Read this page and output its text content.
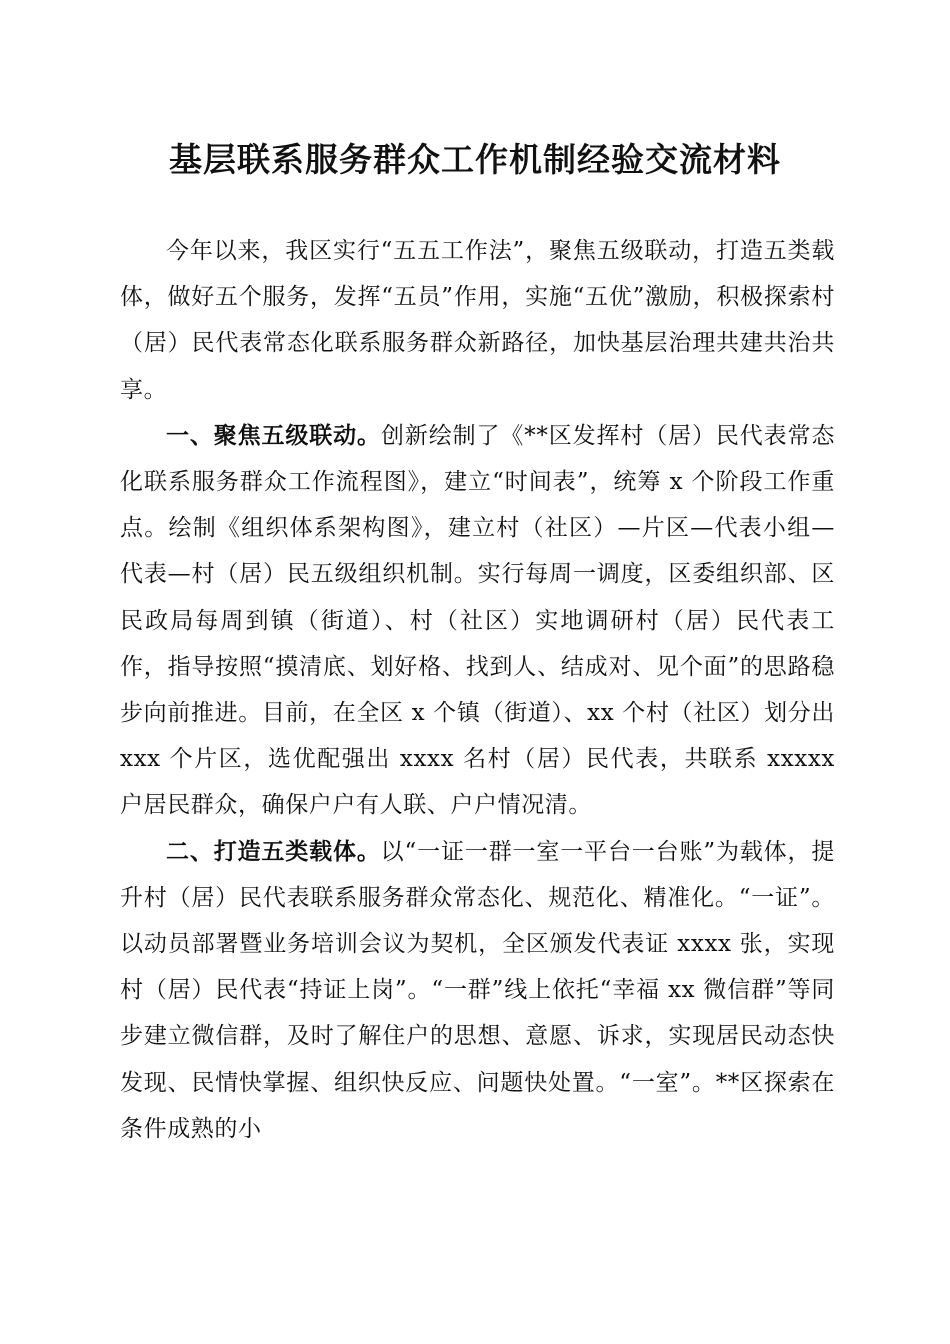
基层联系服务群众工作机制经验交流材料

今年以来，我区实行“五五工作法”，聚焦五级联动，打造五类载体，做好五个服务，发挥“五员”作用，实施“五优”激励，积极探索村（居）民代表常态化联系服务群众新路径，加快基层治理共建共治共享。

一、聚焦五级联动。创新绘制了《**区发挥村（居）民代表常态化联系服务群众工作流程图》，建立“时间表”，统筹 x 个阶段工作重点。绘制《组织体系架构图》，建立村（社区）—片区—代表小组—代表—村（居）民五级组织机制。实行每周一调度，区委组织部、区民政局每周到镇（街道）、村（社区）实地调研村（居）民代表工作，指导按照“摸清底、划好格、找到人、结成对、见个面”的思路稳步向前推进。目前，在全区 x 个镇（街道）、xx 个村（社区）划分出 xxx 个片区，选优配强出 xxxx 名村（居）民代表，共联系 xxxxx 户居民群众，确保户户有人联、户户情况清。

二、打造五类载体。以“一证一群一室一平台一台账”为载体，提升村（居）民代表联系服务群众常态化、规范化、精准化。“一证”。以动员部署暨业务培训会议为契机，全区颁发代表证 xxxx 张，实现村（居）民代表“持证上岗”。“一群”线上依托“幸福 xx 微信群”等同步建立微信群，及时了解住户的思想、意愿、诉求，实现居民动态快发现、民情快掌握、组织快反应、问题快处置。“一室”。**区探索在条件成熟的小
